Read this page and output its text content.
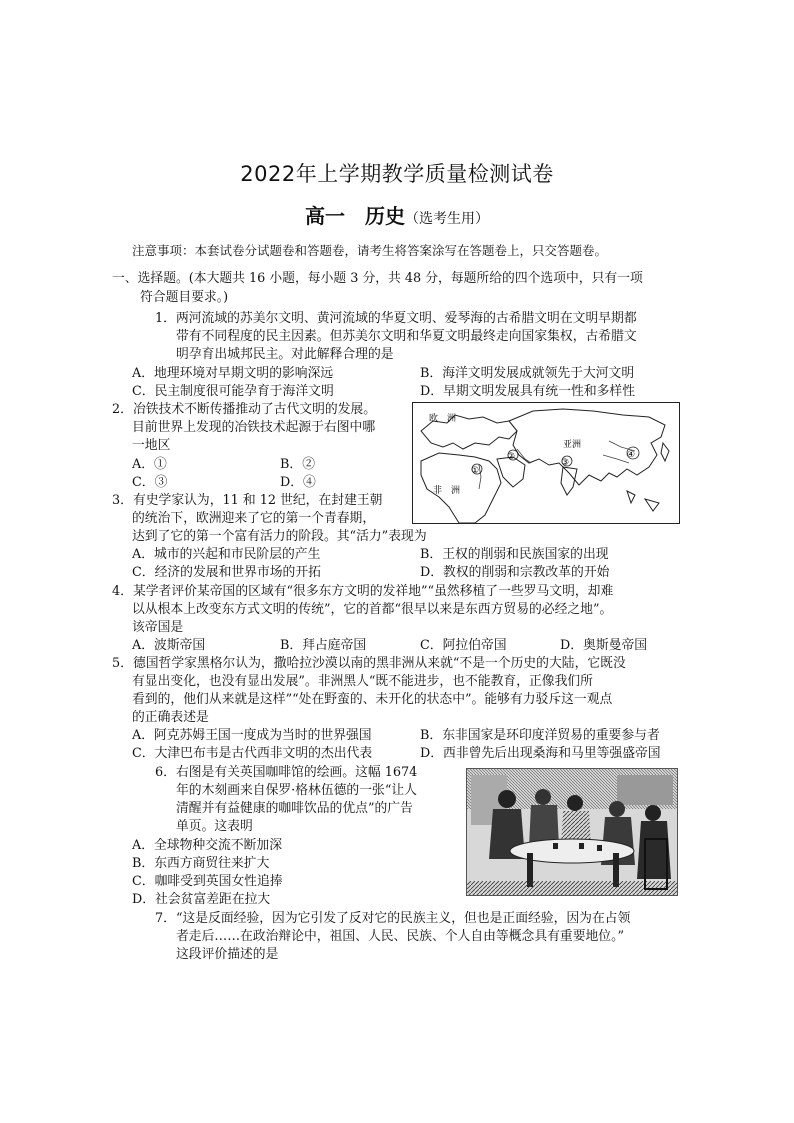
2022年上学期教学质量检测试卷
高一　历史（选考生用）
注意事项：本套试卷分试题卷和答题卷，请考生将答案涂写在答题卷上，只交答题卷。
一、选择题。(本大题共 16 小题，每小题 3 分，共 48 分，每题所给的四个选项中，只有一项
符合题目要求。)
1．两河流域的苏美尔文明、黄河流域的华夏文明、爱琴海的古希腊文明在文明早期都
带有不同程度的民主因素。但苏美尔文明和华夏文明最终走向国家集权，古希腊文
明孕育出城邦民主。对此解释合理的是
A．地理环境对早期文明的影响深远	B．海洋文明发展成就领先于大河文明
C．民主制度很可能孕育于海洋文明	D．早期文明发展具有统一性和多样性
2．冶铁技术不断传播推动了古代文明的发展。
目前世界上发现的冶铁技术起源于右图中哪
一地区
A．①	B．②
C．③	D．④
欧　洲
亚洲
非　洲
①
②
③
④
3．有史学家认为，11 和 12 世纪，在封建王朝
的统治下，欧洲迎来了它的第一个青春期，
达到了它的第一个富有活力的阶段。其“活力”表现为
A．城市的兴起和市民阶层的产生	B．王权的削弱和民族国家的出现
C．经济的发展和世界市场的开拓	D．教权的削弱和宗教改革的开始
4．某学者评价某帝国的区域有“很多东方文明的发祥地”“虽然移植了一些罗马文明，却难
以从根本上改变东方式文明的传统”，它的首都“很早以来是东西方贸易的必经之地”。
该帝国是
A．波斯帝国	B．拜占庭帝国	C．阿拉伯帝国	D．奥斯曼帝国
5．德国哲学家黑格尔认为，撒哈拉沙漠以南的黑非洲从来就“不是一个历史的大陆，它既没
有显出变化，也没有显出发展”。非洲黑人“既不能进步，也不能教育，正像我们所
看到的，他们从来就是这样”“处在野蛮的、未开化的状态中”。能够有力驳斥这一观点
的正确表述是
A．阿克苏姆王国一度成为当时的世界强国	B．东非国家是环印度洋贸易的重要参与者
C．大津巴布韦是古代西非文明的杰出代表	D．西非曾先后出现桑海和马里等强盛帝国
6．右图是有关英国咖啡馆的绘画。这幅 1674
年的木刻画来自保罗·格林伍德的一张“让人
清醒并有益健康的咖啡饮品的优点”的广告
单页。这表明
A．全球物种交流不断加深
B．东西方商贸往来扩大
C．咖啡受到英国女性追捧
D．社会贫富差距在拉大
7．“这是反面经验，因为它引发了反对它的民族主义，但也是正面经验，因为在占领
者走后……在政治辩论中，祖国、人民、民族、个人自由等概念具有重要地位。”
这段评价描述的是
